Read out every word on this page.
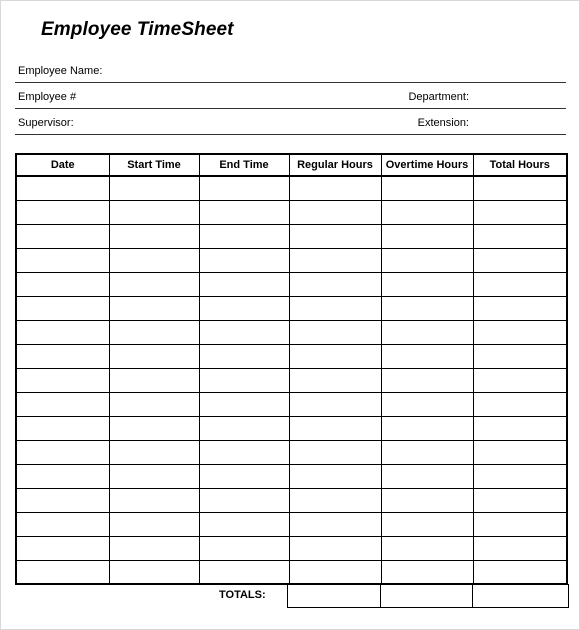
Employee TimeSheet
Employee Name:
Employee #	Department:
Supervisor:	Extension:
Date	Start Time	End Time	Regular Hours	Overtime Hours	Total Hours

TOTALS:
